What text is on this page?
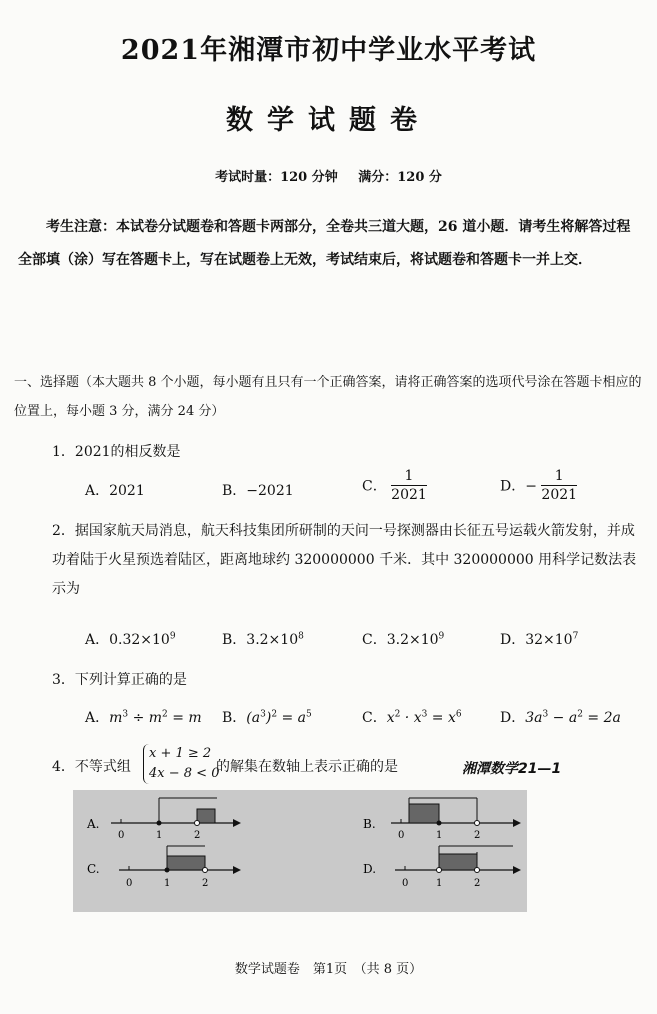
2021年湘潭市初中学业水平考试
数学试题卷
考试时量：120 分钟 满分：120 分
考生注意：本试卷分试题卷和答题卡两部分，全卷共三道大题，26 道小题．请考生将解答过程全部填（涂）写在答题卡上，写在试题卷上无效，考试结束后，将试题卷和答题卡一并上交．
一、选择题（本大题共 8 个小题，每小题有且只有一个正确答案，请将正确答案的选项代号涂在答题卡相应的位置上，每小题 3 分，满分 24 分）
1．2021的相反数是
A．2021	B．−2021	C． $\frac{1}{2021}$	D．− $\frac{1}{2021}$
2．据国家航天局消息，航天科技集团所研制的天问一号探测器由长征五号运载火箭发射，并成功着陆于火星预选着陆区，距离地球约 320000000 千米．其中 320000000 用科学记数法表示为
A．$0.32\times 10^9$	B．$3.2\times 10^8$	C．$3.2\times 10^9$	D．$32\times 10^7$
3．下列计算正确的是
A．$m^3 \div m^2 = m$ B．$(a^3)^2 = a^5$	C．$x^2 \cdot x^3 = x^6$	D．$3a^3 - a^2 = 2a$
4．不等式组
x + 1 ≥ 2
4x − 8 < 0
的解集在数轴上表示正确的是	湘潭数学21—1
A.
0	1	2
B.
0	1	2
C.
0	1	2
D.
0	1	2
数学试题卷　第1页　（共 8 页）
